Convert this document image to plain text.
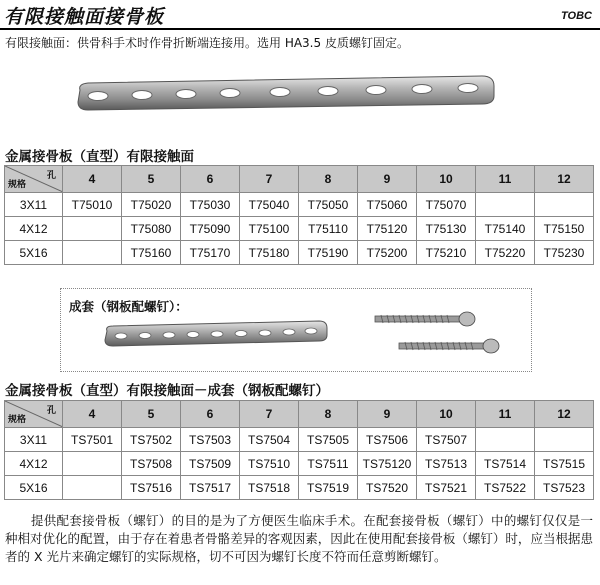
有限接触面接骨板	TOBC
有限接触面：供骨科手术时作骨折断端连接用。选用 HA3.5 皮质螺钉固定。
金属接骨板（直型）有限接触面
孔
规格	4	5	6	7	8	9	10	11	12
3X11	T75010	T75020	T75030	T75040	T75050	T75060	T75070		
4X12		T75080	T75090	T75100	T75110	T75120	T75130	T75140	T75150
5X16		T75160	T75170	T75180	T75190	T75200	T75210	T75220	T75230
成套（钢板配螺钉）：
金属接骨板（直型）有限接触面－成套（钢板配螺钉）
孔
规格	4	5	6	7	8	9	10	11	12
3X11	TS7501	TS7502	TS7503	TS7504	TS7505	TS7506	TS7507		
4X12		TS7508	TS7509	TS7510	TS7511	TS75120	TS7513	TS7514	TS7515
5X16		TS7516	TS7517	TS7518	TS7519	TS7520	TS7521	TS7522	TS7523
提供配套接骨板（螺钉）的目的是为了方便医生临床手术。在配套接骨板（螺钉）中的螺钉仅仅是一种相对优化的配置，由于存在着患者骨骼差异的客观因素，因此在使用配套接骨板（螺钉）时，应当根据患者的 X 光片来确定螺钉的实际规格，切不可因为螺钉长度不符而任意剪断螺钉。
